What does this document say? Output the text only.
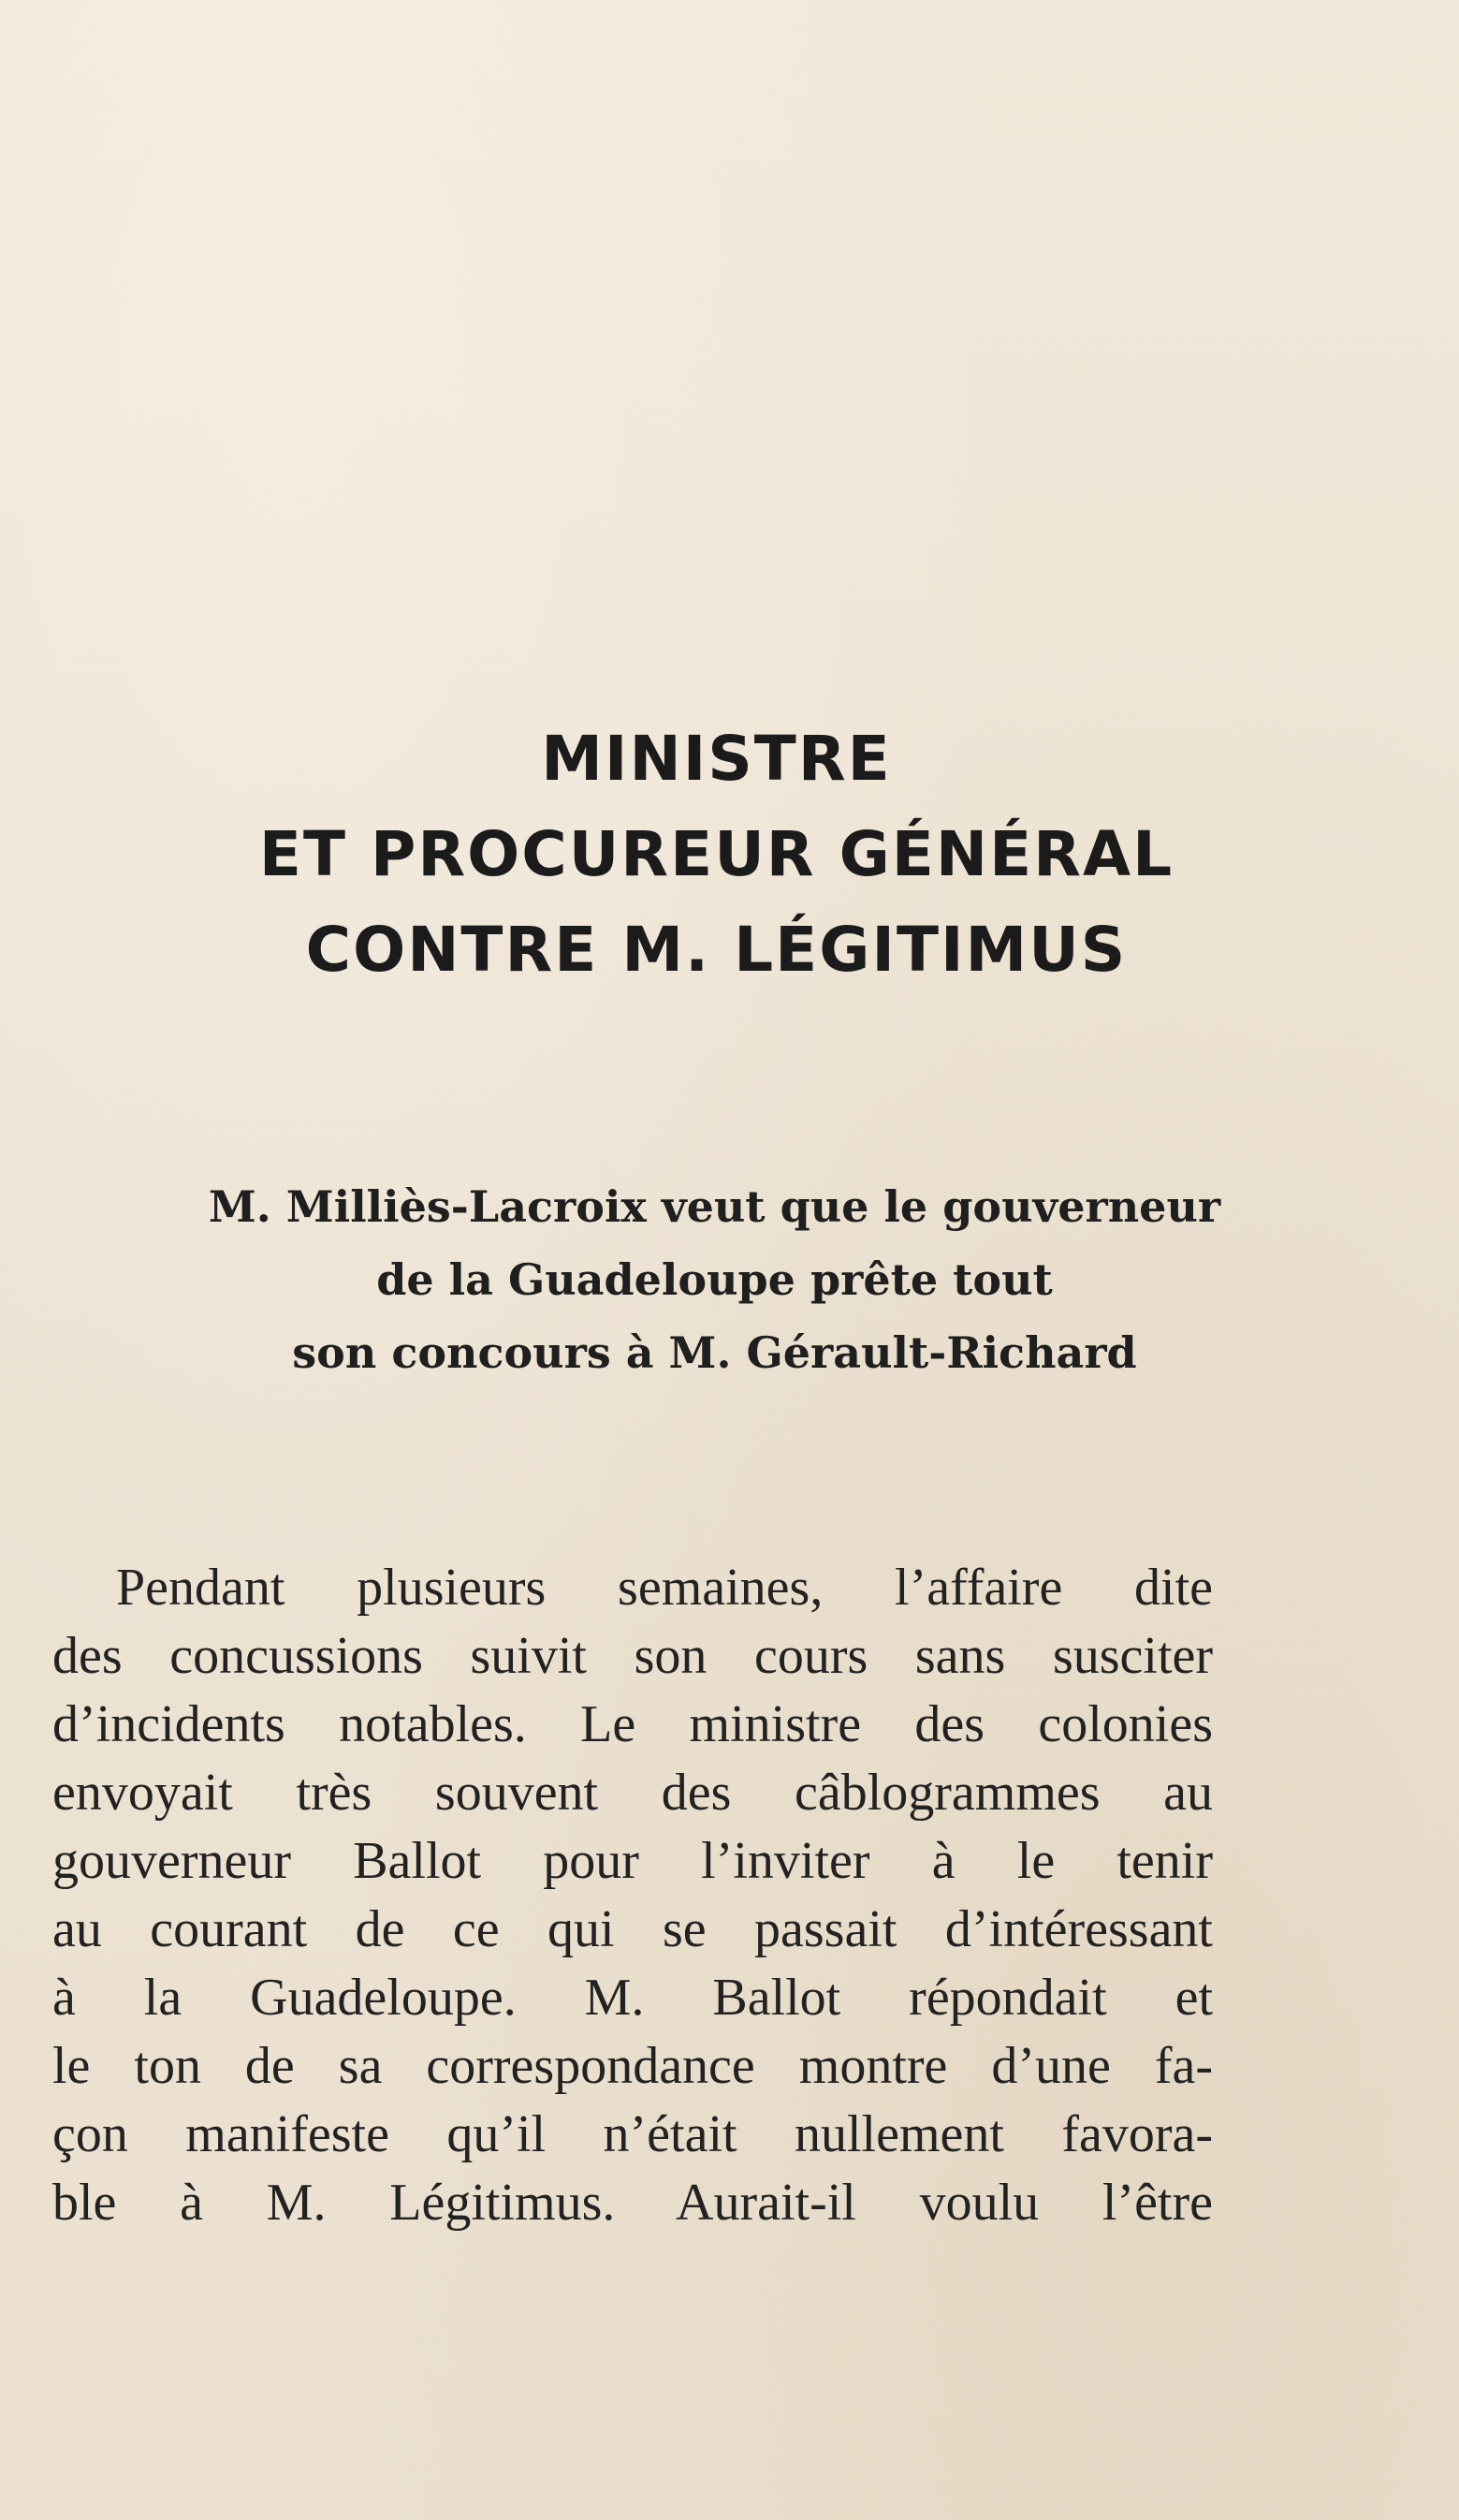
MINISTRE
ET PROCUREUR GÉNÉRAL
CONTRE M. LÉGITIMUS
M. Milliès-Lacroix veut que le gouverneur
de la Guadeloupe prête tout
son concours à M. Gérault-Richard
Pendant plusieurs semaines, l’affaire dite
des concussions suivit son cours sans susciter
d’incidents notables. Le ministre des colonies
envoyait très souvent des câblogrammes au
gouverneur Ballot pour l’inviter à le tenir
au courant de ce qui se passait d’intéressant
à la Guadeloupe. M. Ballot répondait et
le ton de sa correspondance montre d’une fa-
çon manifeste qu’il n’était nullement favora-
ble à M. Légitimus. Aurait-il voulu l’être
